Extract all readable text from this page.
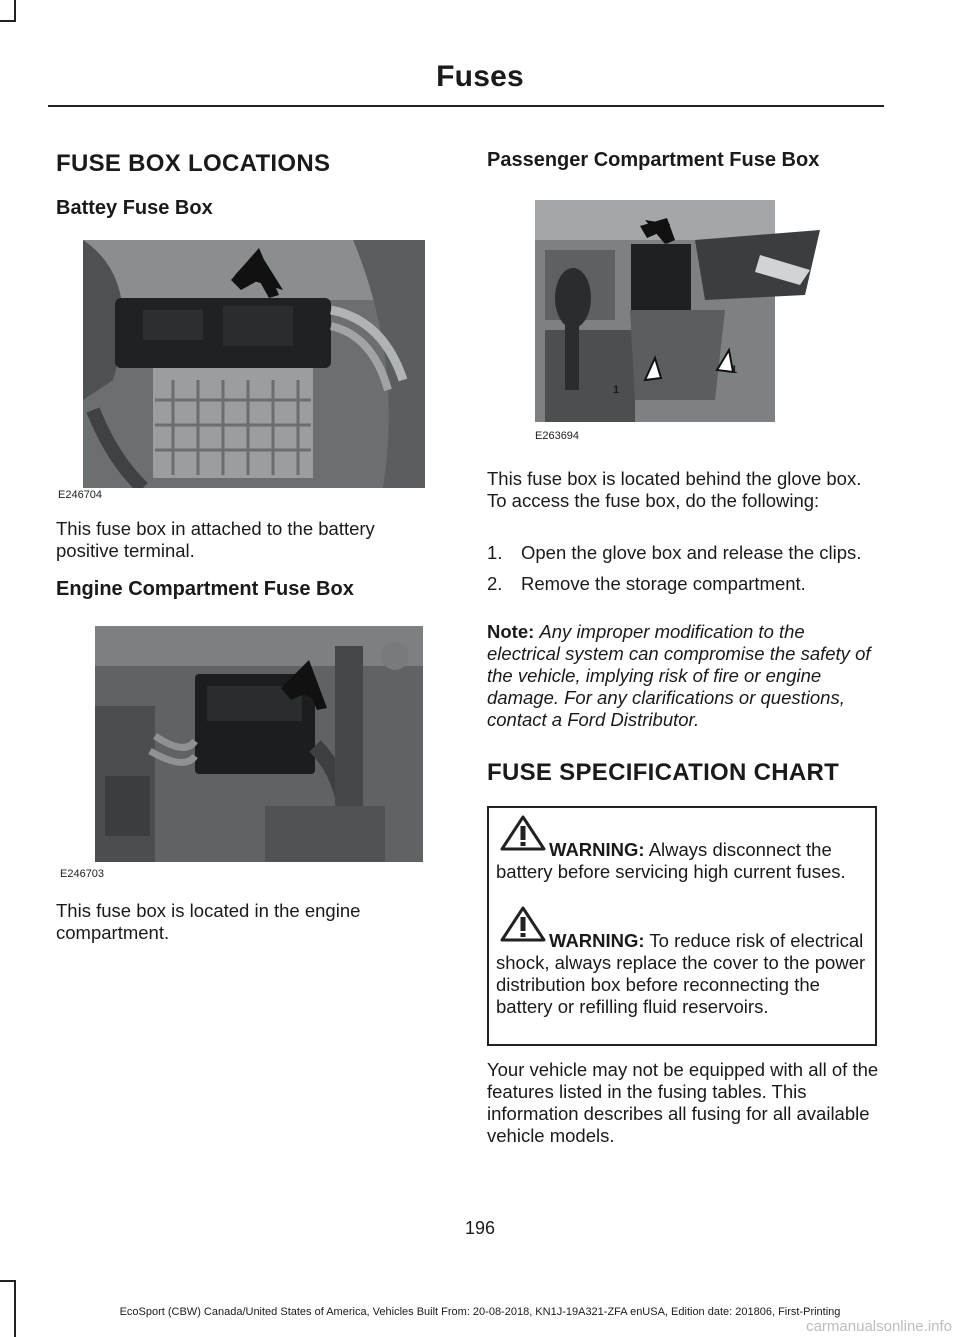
Fuses
FUSE BOX LOCATIONS
Battey Fuse Box
E246704

This fuse box in attached to the battery positive terminal.

Engine Compartment Fuse Box
E246703

This fuse box is located in the engine compartment.

Passenger Compartment Fuse Box
1
1
E263694

This fuse box is located behind the glove box. To access the fuse box, do the following:

1. Open the glove box and release the clips.
2. Remove the storage compartment.

Note: Any improper modification to the electrical system can compromise the safety of the vehicle, implying risk of fire or engine damage. For any clarifications or questions, contact a Ford Distributor.

FUSE SPECIFICATION CHART
WARNING: Always disconnect the battery before servicing high current fuses.
WARNING: To reduce risk of electrical shock, always replace the cover to the power distribution box before reconnecting the battery or refilling fluid reservoirs.

Your vehicle may not be equipped with all of the features listed in the fusing tables. This information describes all fusing for all available vehicle models.

196
EcoSport (CBW) Canada/United States of America, Vehicles Built From: 20-08-2018, KN1J-19A321-ZFA enUSA, Edition date: 201806, First-Printing
carmanualsonline.info
